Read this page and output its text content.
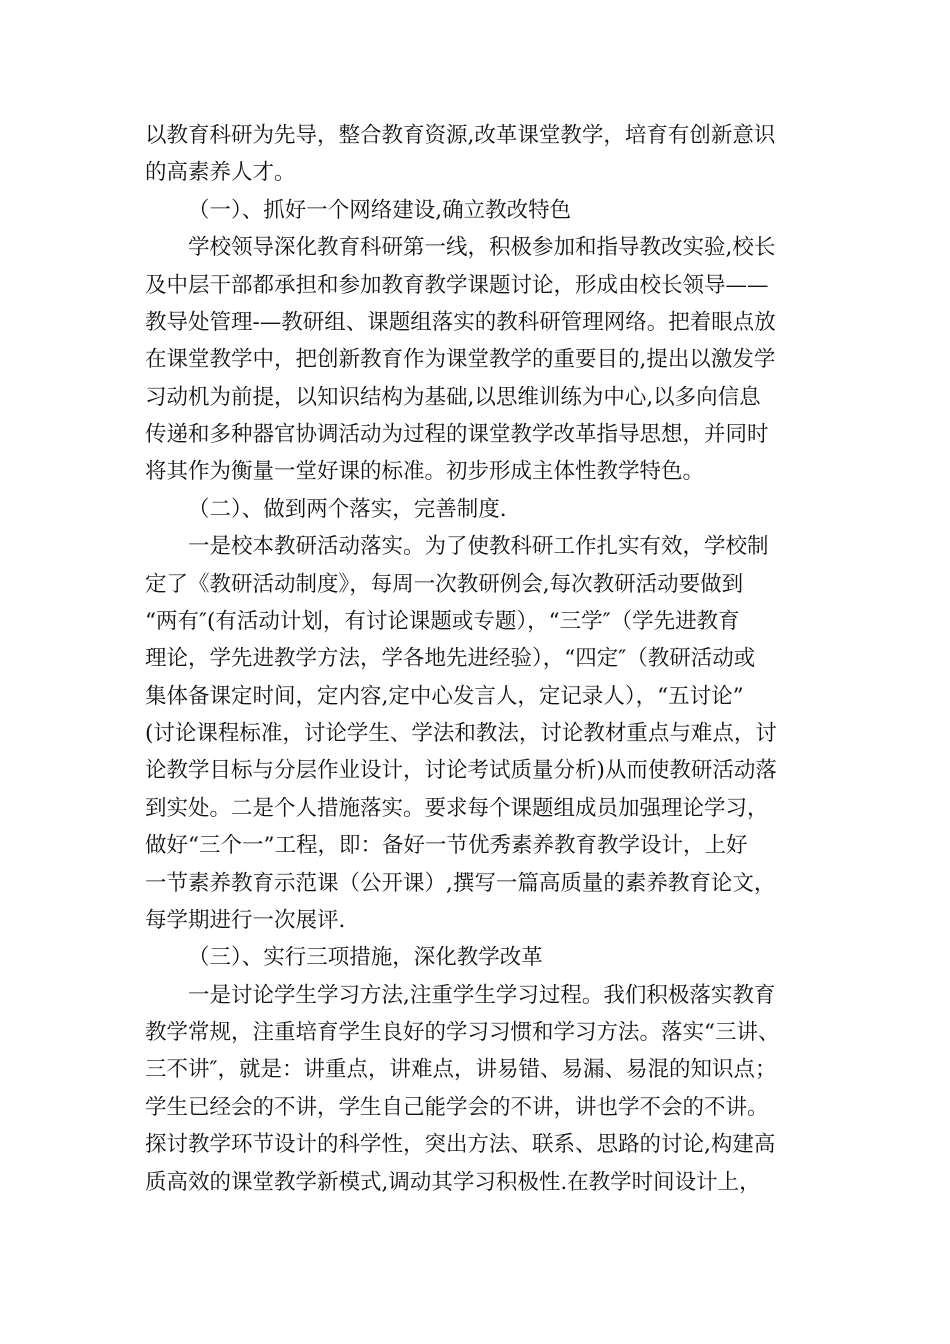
以教育科研为先导，整合教育资源,改革课堂教学，培育有创新意识
的高素养人才。
（一）、抓好一个网络建设,确立教改特色
学校领导深化教育科研第一线，积极参加和指导教改实验,校长
及中层干部都承担和参加教育教学课题讨论，形成由校长领导——
教导处管理-—教研组、课题组落实的教科研管理网络。把着眼点放
在课堂教学中，把创新教育作为课堂教学的重要目的,提出以激发学
习动机为前提，以知识结构为基础,以思维训练为中心,以多向信息
传递和多种器官协调活动为过程的课堂教学改革指导思想，并同时
将其作为衡量一堂好课的标准。初步形成主体性教学特色。
（二）、做到两个落实，完善制度.
一是校本教研活动落实。为了使教科研工作扎实有效，学校制
定了《教研活动制度》，每周一次教研例会,每次教研活动要做到
“两有″(有活动计划，有讨论课题或专题），“三学″（学先进教育
理论，学先进教学方法，学各地先进经验），“四定″（教研活动或
集体备课定时间，定内容,定中心发言人，定记录人），“五讨论”
(讨论课程标准，讨论学生、学法和教法，讨论教材重点与难点，讨
论教学目标与分层作业设计，讨论考试质量分析)从而使教研活动落
到实处。二是个人措施落实。要求每个课题组成员加强理论学习，
做好“三个一”工程，即：备好一节优秀素养教育教学设计，上好
一节素养教育示范课（公开课）,撰写一篇高质量的素养教育论文，
每学期进行一次展评.
（三）、实行三项措施，深化教学改革
一是讨论学生学习方法,注重学生学习过程。我们积极落实教育
教学常规，注重培育学生良好的学习习惯和学习方法。落实“三讲、
三不讲″，就是：讲重点，讲难点，讲易错、易漏、易混的知识点；
学生已经会的不讲，学生自己能学会的不讲，讲也学不会的不讲。
探讨教学环节设计的科学性，突出方法、联系、思路的讨论,构建高
质高效的课堂教学新模式,调动其学习积极性.在教学时间设计上，
